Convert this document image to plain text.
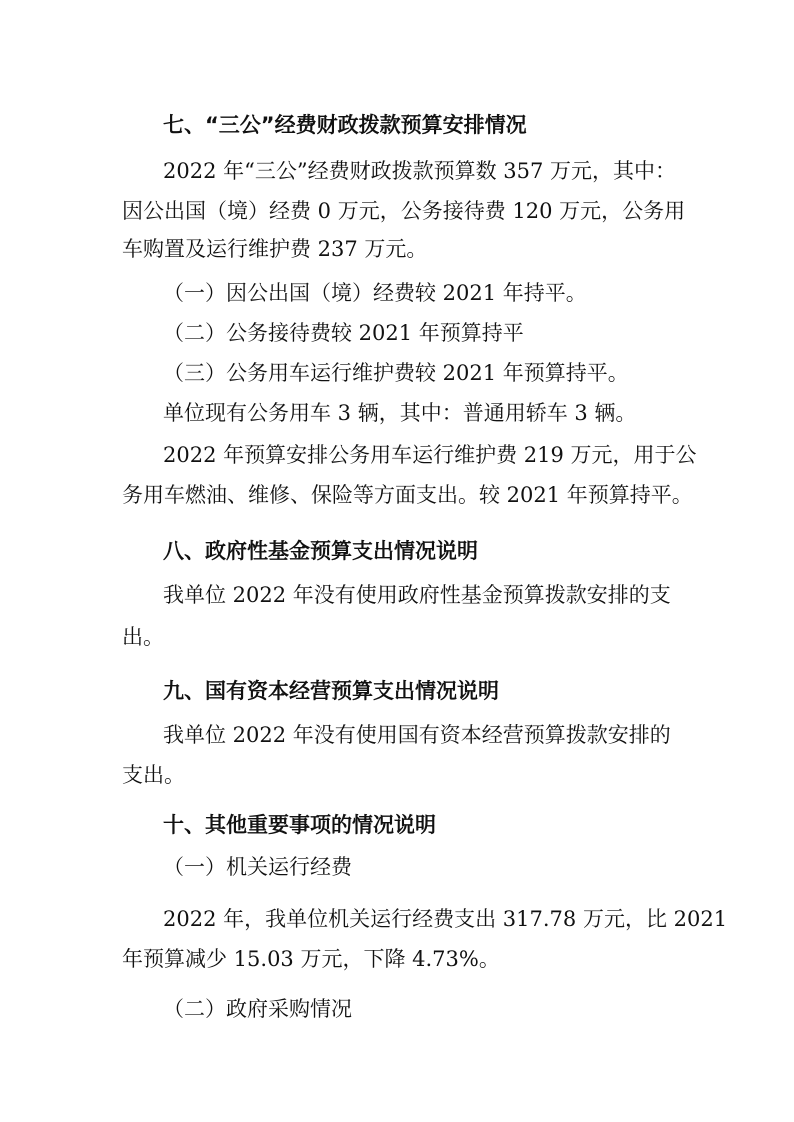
七、“三公”经费财政拨款预算安排情况
2022 年“三公”经费财政拨款预算数 357 万元，其中：
因公出国（境）经费 0 万元，公务接待费 120 万元，公务用
车购置及运行维护费 237 万元。
（一）因公出国（境）经费较 2021 年持平。
（二）公务接待费较 2021 年预算持平
（三）公务用车运行维护费较 2021 年预算持平。
单位现有公务用车 3 辆，其中：普通用轿车 3 辆。
2022 年预算安排公务用车运行维护费 219 万元，用于公
务用车燃油、维修、保险等方面支出。较 2021 年预算持平。
八、政府性基金预算支出情况说明
我单位 2022 年没有使用政府性基金预算拨款安排的支
出。
九、国有资本经营预算支出情况说明
我单位 2022 年没有使用国有资本经营预算拨款安排的
支出。
十、其他重要事项的情况说明
（一）机关运行经费
2022 年，我单位机关运行经费支出 317.78 万元，比 2021
年预算减少 15.03 万元，下降 4.73%。
（二）政府采购情况
